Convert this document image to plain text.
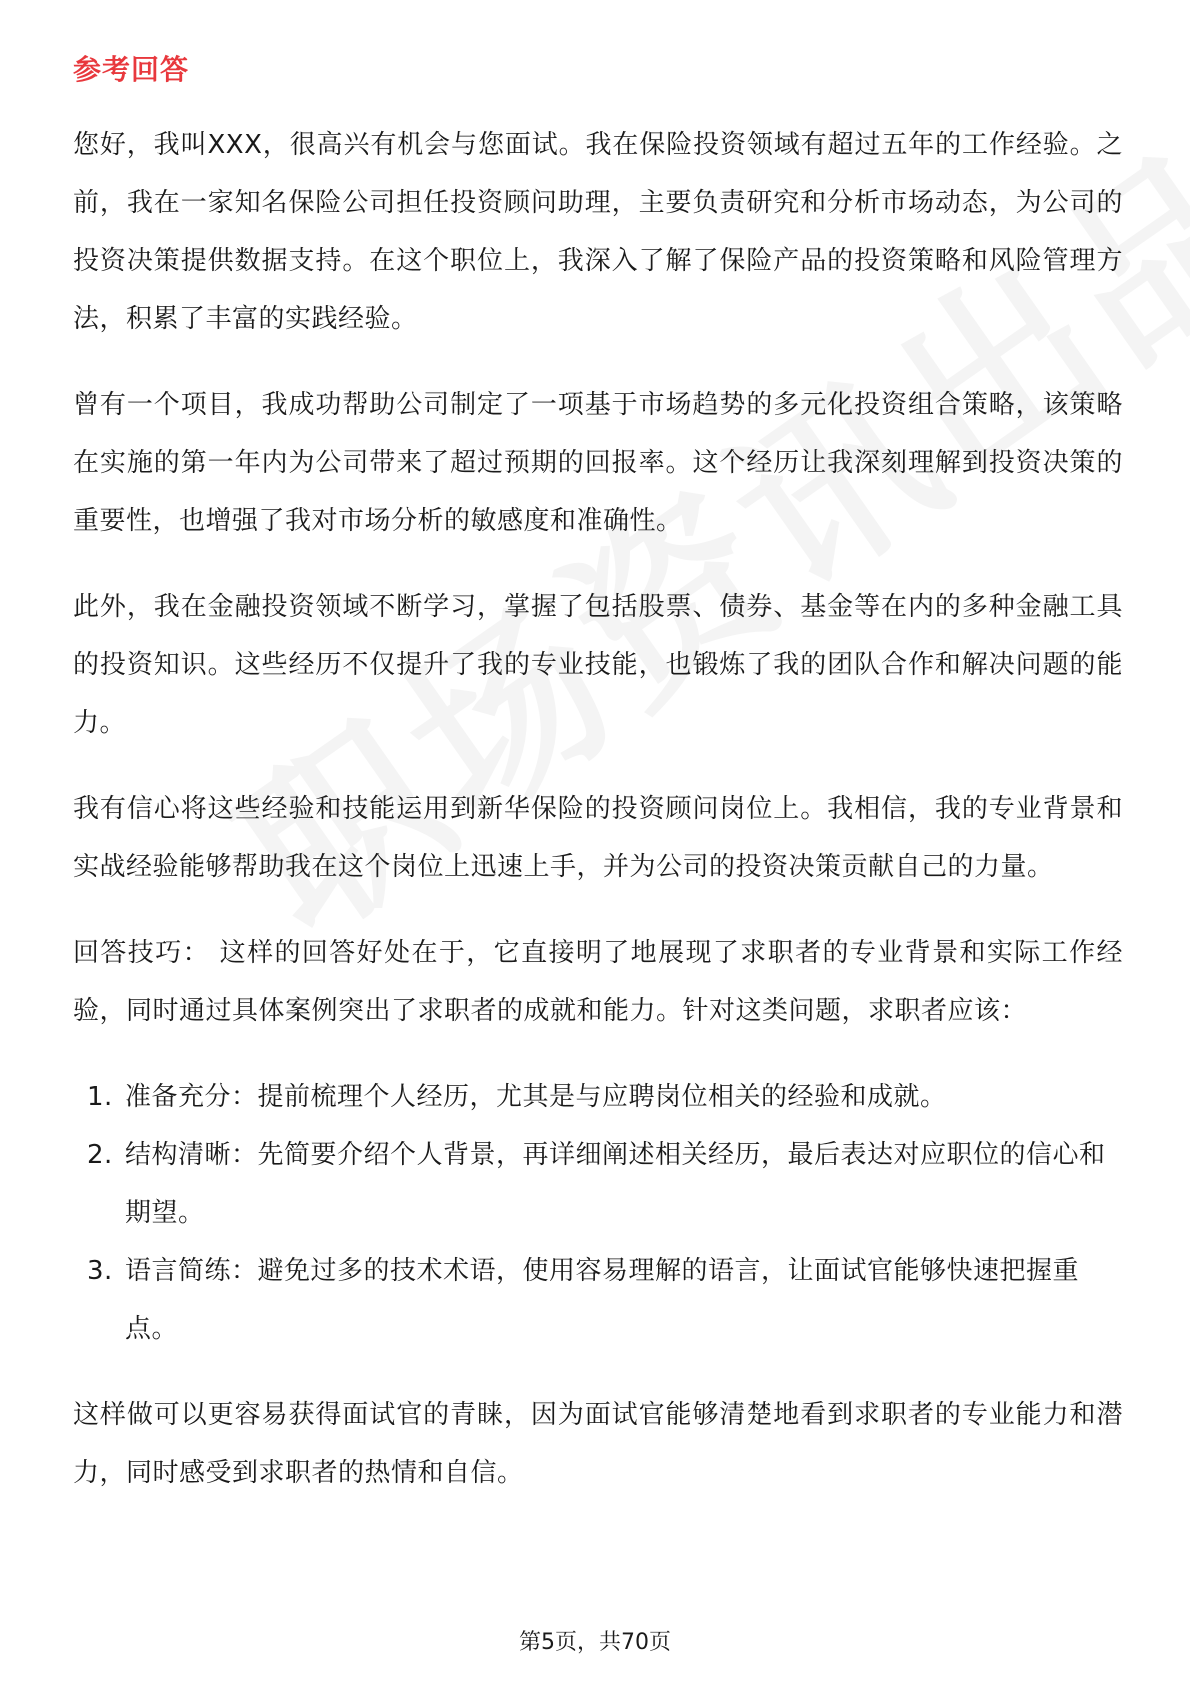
参考回答

您好，我叫XXX，很高兴有机会与您面试。我在保险投资领域有超过五年的工作经验。之前，我在一家知名保险公司担任投资顾问助理，主要负责研究和分析市场动态，为公司的投资决策提供数据支持。在这个职位上，我深入了解了保险产品的投资策略和风险管理方法，积累了丰富的实践经验。

曾有一个项目，我成功帮助公司制定了一项基于市场趋势的多元化投资组合策略，该策略在实施的第一年内为公司带来了超过预期的回报率。这个经历让我深刻理解到投资决策的重要性，也增强了我对市场分析的敏感度和准确性。

此外，我在金融投资领域不断学习，掌握了包括股票、债券、基金等在内的多种金融工具的投资知识。这些经历不仅提升了我的专业技能，也锻炼了我的团队合作和解决问题的能力。

我有信心将这些经验和技能运用到新华保险的投资顾问岗位上。我相信，我的专业背景和实战经验能够帮助我在这个岗位上迅速上手，并为公司的投资决策贡献自己的力量。

回答技巧： 这样的回答好处在于，它直接明了地展现了求职者的专业背景和实际工作经验，同时通过具体案例突出了求职者的成就和能力。针对这类问题，求职者应该：

1. 准备充分：提前梳理个人经历，尤其是与应聘岗位相关的经验和成就。
2. 结构清晰：先简要介绍个人背景，再详细阐述相关经历，最后表达对应职位的信心和期望。
3. 语言简练：避免过多的技术术语，使用容易理解的语言，让面试官能够快速把握重点。

这样做可以更容易获得面试官的青睐，因为面试官能够清楚地看到求职者的专业能力和潜力，同时感受到求职者的热情和自信。

第5页，共70页
